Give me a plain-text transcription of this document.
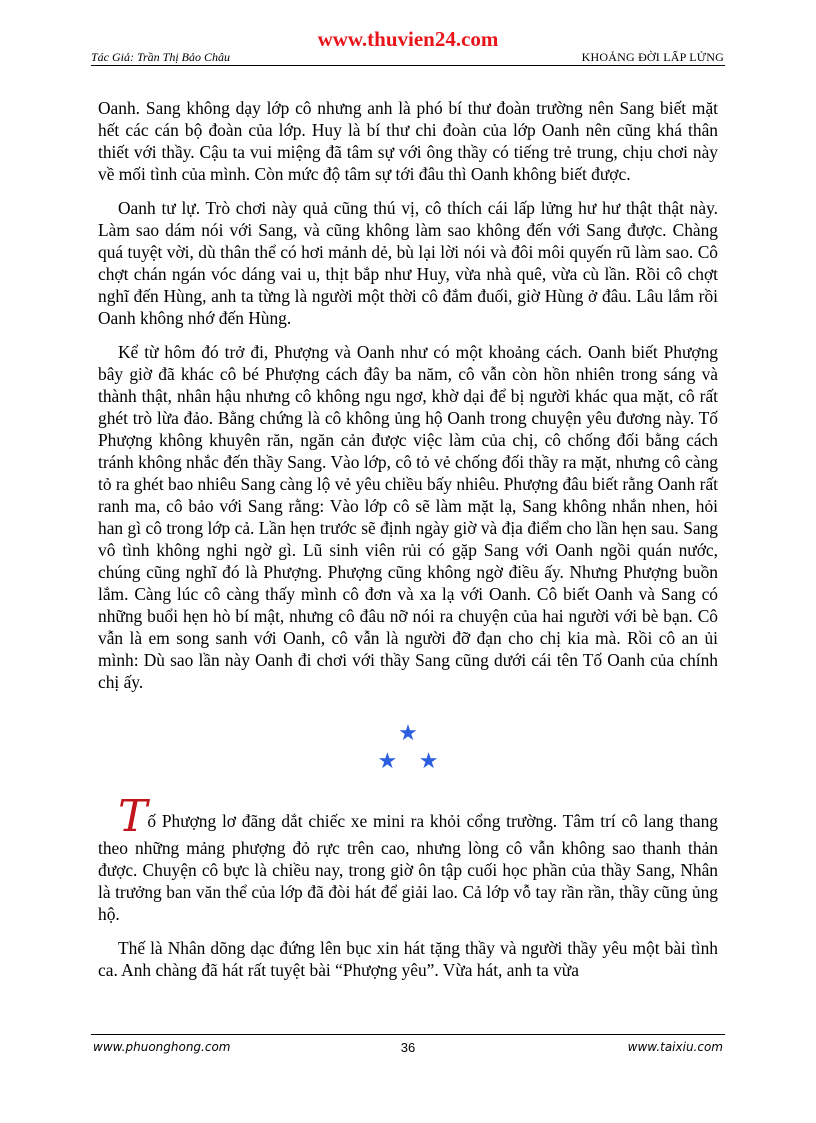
www.thuvien24.com
Tác Giả: Trần Thị Bảo Châu	KHOẢNG ĐỜI LẤP LỬNG

Oanh. Sang không dạy lớp cô nhưng anh là phó bí thư đoàn trường nên Sang biết mặt hết các cán bộ đoàn của lớp. Huy là bí thư chi đoàn của lớp Oanh nên cũng khá thân thiết với thầy. Cậu ta vui miệng đã tâm sự với ông thầy có tiếng trẻ trung, chịu chơi này về mối tình của mình. Còn mức độ tâm sự tới đâu thì Oanh không biết được.

Oanh tư lự. Trò chơi này quả cũng thú vị, cô thích cái lấp lửng hư hư thật thật này. Làm sao dám nói với Sang, và cũng không làm sao không đến với Sang được. Chàng quá tuyệt vời, dù thân thể có hơi mảnh dẻ, bù lại lời nói và đôi môi quyến rũ làm sao. Cô chợt chán ngán vóc dáng vai u, thịt bắp như Huy, vừa nhà quê, vừa cù lần. Rồi cô chợt nghĩ đến Hùng, anh ta từng là người một thời cô đắm đuối, giờ Hùng ở đâu. Lâu lắm rồi Oanh không nhớ đến Hùng.

Kể từ hôm đó trở đi, Phượng và Oanh như có một khoảng cách. Oanh biết Phượng bây giờ đã khác cô bé Phượng cách đây ba năm, cô vẫn còn hồn nhiên trong sáng và thành thật, nhân hậu nhưng cô không ngu ngơ, khờ dại để bị người khác qua mặt, cô rất ghét trò lừa đảo. Bằng chứng là cô không ủng hộ Oanh trong chuyện yêu đương này. Tố Phượng không khuyên răn, ngăn cản được việc làm của chị, cô chống đối bằng cách tránh không nhắc đến thầy Sang. Vào lớp, cô tỏ vẻ chống đối thầy ra mặt, nhưng cô càng tỏ ra ghét bao nhiêu Sang càng lộ vẻ yêu chiều bấy nhiêu. Phượng đâu biết rằng Oanh rất ranh ma, cô bảo với Sang rằng: Vào lớp cô sẽ làm mặt lạ, Sang không nhắn nhen, hỏi han gì cô trong lớp cả. Lần hẹn trước sẽ định ngày giờ và địa điểm cho lần hẹn sau. Sang vô tình không nghi ngờ gì. Lũ sinh viên rủi có gặp Sang với Oanh ngồi quán nước, chúng cũng nghĩ đó là Phượng. Phượng cũng không ngờ điều ấy. Nhưng Phượng buồn lắm. Càng lúc cô càng thấy mình cô đơn và xa lạ với Oanh. Cô biết Oanh và Sang có những buổi hẹn hò bí mật, nhưng cô đâu nỡ nói ra chuyện của hai người với bè bạn. Cô vẫn là em song sanh với Oanh, cô vẫn là người đỡ đạn cho chị kia mà. Rồi cô an ủi mình: Dù sao lần này Oanh đi chơi với thầy Sang cũng dưới cái tên Tố Oanh của chính chị ấy.

★
★ ★

Tố Phượng lơ đãng dắt chiếc xe mini ra khỏi cổng trường. Tâm trí cô lang thang theo những mảng phượng đỏ rực trên cao, nhưng lòng cô vẫn không sao thanh thản được. Chuyện cô bực là chiều nay, trong giờ ôn tập cuối học phần của thầy Sang, Nhân là trưởng ban văn thể của lớp đã đòi hát để giải lao. Cả lớp vỗ tay rần rần, thầy cũng ủng hộ.

Thế là Nhân dõng dạc đứng lên bục xin hát tặng thầy và người thầy yêu một bài tình ca. Anh chàng đã hát rất tuyệt bài “Phượng yêu”. Vừa hát, anh ta vừa

www.phuonghong.com	36	www.taixiu.com
